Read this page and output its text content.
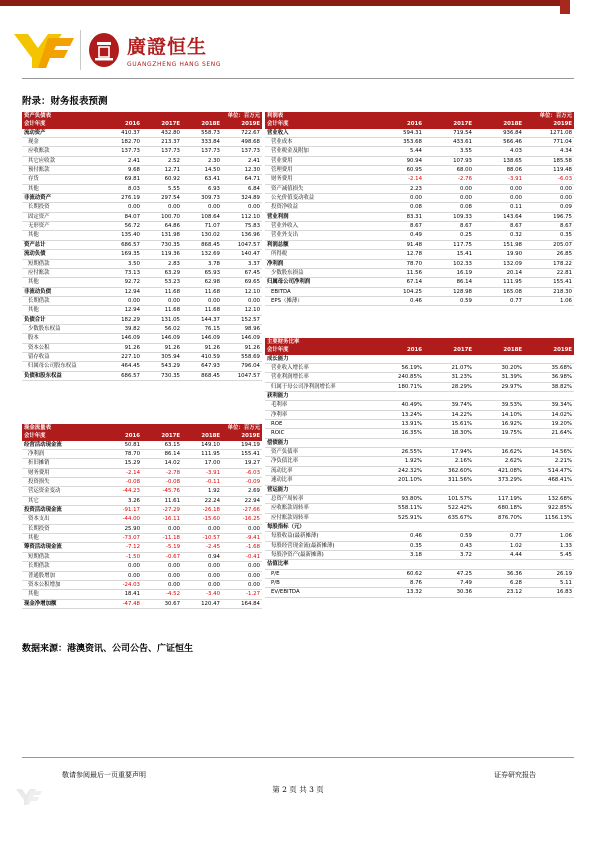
廣證恒生
GUANGZHENG HANG SENG
附录：财务报表预测
资产负债表	单位：百万元			
会计年度	2016	2017E	2018E	2019E
流动资产	410.37	432.80	558.73	722.67
现金	182.70	213.37	333.84	498.68
应收账款	137.73	137.73	137.73	137.73
其它应收款	2.41	2.52	2.30	2.41
预付账款	9.68	12.71	14.50	12.30
存货	69.81	60.92	63.41	64.71
其他	8.03	5.55	6.93	6.84
非流动资产	276.19	297.54	309.73	324.89
长期投资	0.00	0.00	0.00	0.00
固定资产	84.07	100.70	108.64	112.10
无形资产	56.72	64.86	71.07	75.83
其他	135.40	131.98	130.02	136.96
资产总计	686.57	730.35	868.45	1047.57
流动负债	169.35	119.36	132.69	140.47
短期借款	3.50	2.83	3.78	3.37
应付账款	73.13	63.29	65.93	67.45
其他	92.72	53.23	62.98	69.65
非流动负债	12.94	11.68	11.68	12.10
长期借款	0.00	0.00	0.00	0.00
其他	12.94	11.68	11.68	12.10
负债合计	182.29	131.05	144.37	152.57
少数股东权益	39.82	56.02	76.15	98.96
股本	146.09	146.09	146.09	146.09
资本公积	91.26	91.26	91.26	91.26
留存收益	227.10	305.94	410.59	558.69
归属母公司股东权益	464.45	543.29	647.93	796.04
负债和股东权益	686.57	730.35	868.45	1047.57
利润表	单位：百万元			
会计年度	2016	2017E	2018E	2019E
营业收入	594.31	719.54	936.84	1271.08
营业成本	353.68	433.61	566.46	771.04
营业税金及附加	5.44	3.55	4.03	4.34
营业费用	90.94	107.93	138.65	185.58
管理费用	60.95	68.00	88.06	119.48
财务费用	-2.14	-2.76	-3.91	-6.03
资产减值损失	2.23	0.00	0.00	0.00
公允价值变动收益	0.00	0.00	0.00	0.00
投资净收益	0.08	0.08	0.11	0.09
营业利润	83.31	109.33	143.64	196.75
营业外收入	8.67	8.67	8.67	8.67
营业外支出	0.49	0.25	0.32	0.35
利润总额	91.48	117.75	151.98	205.07
所得税	12.78	15.41	19.90	26.85
净利润	78.70	102.33	132.09	178.22
少数股东损益	11.56	16.19	20.14	22.81
归属母公司净利润	67.14	86.14	111.95	155.41
EBITDA	104.25	128.98	165.08	218.30
EPS（摊薄）	0.46	0.59	0.77	1.06
主要财务比率				
会计年度	2016	2017E	2018E	2019E
成长能力				
营业收入增长率	56.19%	21.07%	30.20%	35.68%
营业利润增长率	240.85%	31.23%	31.39%	36.98%
归属于母公司净利润增长率	180.71%	28.29%	29.97%	38.82%
获利能力				
毛利率	40.49%	39.74%	39.53%	39.34%
净利率	13.24%	14.22%	14.10%	14.02%
ROE	13.91%	15.61%	16.92%	19.20%
ROIC	16.35%	18.30%	19.75%	21.64%
偿债能力				
资产负债率	26.55%	17.94%	16.62%	14.56%
净负债比率	1.92%	2.16%	2.62%	2.21%
流动比率	242.32%	362.60%	421.08%	514.47%
速动比率	201.10%	311.56%	373.29%	468.41%
营运能力				
总资产周转率	93.80%	101.57%	117.19%	132.68%
应收账款周转率	558.11%	522.42%	680.18%	922.85%
应付账款周转率	525.91%	635.67%	876.70%	1156.13%
每股指标（元）				
每股收益(最新摊薄)	0.46	0.59	0.77	1.06
每股经营现金流(最新摊薄)	0.35	0.43	1.02	1.33
每股净资产(最新摊薄)	3.18	3.72	4.44	5.45
估值比率				
P/E	60.62	47.25	36.36	26.19
P/B	8.76	7.49	6.28	5.11
EV/EBITDA	13.32	30.36	23.12	16.83
现金流量表	单位：百万元			
会计年度	2016	2017E	2018E	2019E
经营活动现金流	50.81	63.15	149.10	194.19
净利润	78.70	86.14	111.95	155.41
折旧摊销	15.29	14.02	17.00	19.27
财务费用	-2.14	-2.78	-3.91	-6.03
投资损失	-0.08	-0.08	-0.11	-0.09
营运资金变动	-44.23	-45.76	1.92	2.69
其它	3.26	11.61	22.24	22.94
投资活动现金流	-91.17	-27.29	-26.18	-27.66
资本支出	-44.00	-16.11	-15.60	-16.25
长期投资	25.90	0.00	0.00	0.00
其他	-73.07	-11.18	-10.57	-9.41
筹资活动现金流	-7.12	-5.19	-2.45	-1.68
短期借款	-1.50	-0.67	0.94	-0.41
长期借款	0.00	0.00	0.00	0.00
普通股增加	0.00	0.00	0.00	0.00
资本公积增加	-24.03	0.00	0.00	0.00
其他	18.41	-4.52	-3.40	-1.27
现金净增加额	-47.48	30.67	120.47	164.84
数据来源：港澳资讯、公司公告、广证恒生
敬请参阅最后一页重要声明	证券研究报告
第 2 页 共 3 页
